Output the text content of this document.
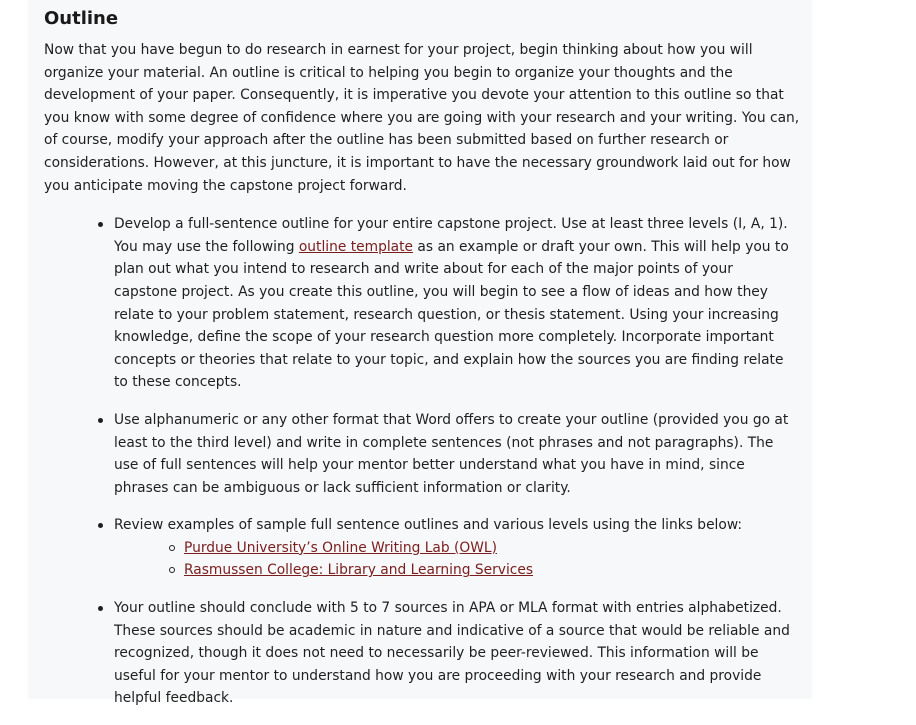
Outline

Now that you have begun to do research in earnest for your project, begin thinking about how you will organize your material. An outline is critical to helping you begin to organize your thoughts and the development of your paper. Consequently, it is imperative you devote your attention to this outline so that you know with some degree of confidence where you are going with your research and your writing. You can, of course, modify your approach after the outline has been submitted based on further research or considerations. However, at this juncture, it is important to have the necessary groundwork laid out for how you anticipate moving the capstone project forward.

Develop a full-sentence outline for your entire capstone project. Use at least three levels (I, A, 1). You may use the following outline template as an example or draft your own. This will help you to plan out what you intend to research and write about for each of the major points of your capstone project. As you create this outline, you will begin to see a flow of ideas and how they relate to your problem statement, research question, or thesis statement. Using your increasing knowledge, define the scope of your research question more completely. Incorporate important concepts or theories that relate to your topic, and explain how the sources you are finding relate to these concepts.
Use alphanumeric or any other format that Word offers to create your outline (provided you go at least to the third level) and write in complete sentences (not phrases and not paragraphs). The use of full sentences will help your mentor better understand what you have in mind, since phrases can be ambiguous or lack sufficient information or clarity.
Review examples of sample full sentence outlines and various levels using the links below:
Purdue University’s Online Writing Lab (OWL)
Rasmussen College: Library and Learning Services
Your outline should conclude with 5 to 7 sources in APA or MLA format with entries alphabetized. These sources should be academic in nature and indicative of a source that would be reliable and recognized, though it does not need to necessarily be peer-reviewed. This information will be useful for your mentor to understand how you are proceeding with your research and provide helpful feedback.
